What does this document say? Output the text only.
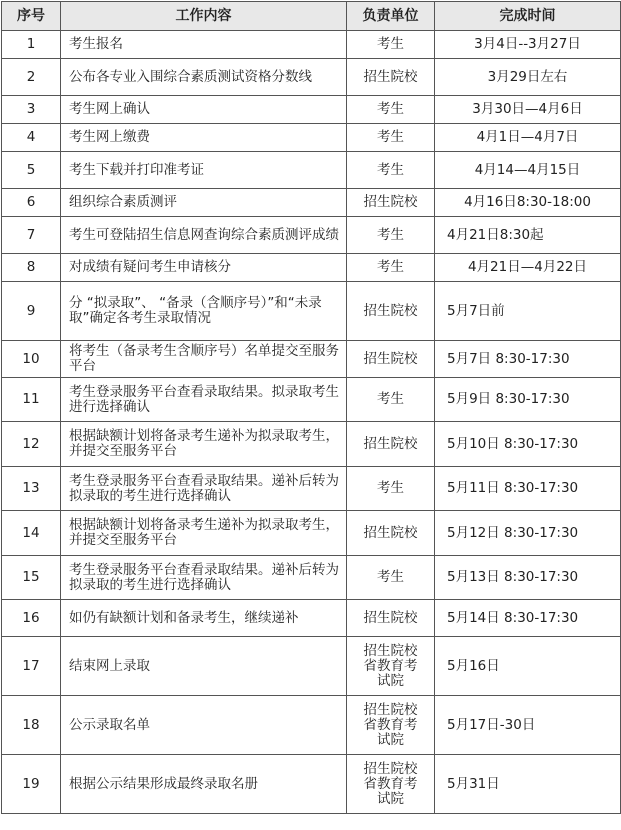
序号	工作内容	负责单位	完成时间
1	考生报名	考生	3月4日--3月27日
2	公布各专业入围综合素质测试资格分数线	招生院校	3月29日左右
3	考生网上确认	考生	3月30日—4月6日
4	考生网上缴费	考生	4月1日—4月7日
5	考生下载并打印准考证	考生	4月14—4月15日
6	组织综合素质测评	招生院校	4月16日8:30-18:00
7	考生可登陆招生信息网查询综合素质测评成绩	考生	4月21日8:30起
8	对成绩有疑问考生申请核分	考生	4月21日—4月22日
9	分 “拟录取”、 “备录（含顺序号）”和“未录取”确定各考生录取情况	招生院校	5月7日前
10	将考生（备录考生含顺序号）名单提交至服务平台	招生院校	5月7日 8:30-17:30
11	考生登录服务平台查看录取结果。拟录取考生进行选择确认	考生	5月9日 8:30-17:30
12	根据缺额计划将备录考生递补为拟录取考生，并提交至服务平台	招生院校	5月10日 8:30-17:30
13	考生登录服务平台查看录取结果。递补后转为拟录取的考生进行选择确认	考生	5月11日 8:30-17:30
14	根据缺额计划将备录考生递补为拟录取考生，并提交至服务平台	招生院校	5月12日 8:30-17:30
15	考生登录服务平台查看录取结果。递补后转为拟录取的考生进行选择确认	考生	5月13日 8:30-17:30
16	如仍有缺额计划和备录考生，继续递补	招生院校	5月14日 8:30-17:30
17	结束网上录取	招生院校省教育考试院	5月16日
18	公示录取名单	招生院校省教育考试院	5月17日-30日
19	根据公示结果形成最终录取名册	招生院校省教育考试院	5月31日
